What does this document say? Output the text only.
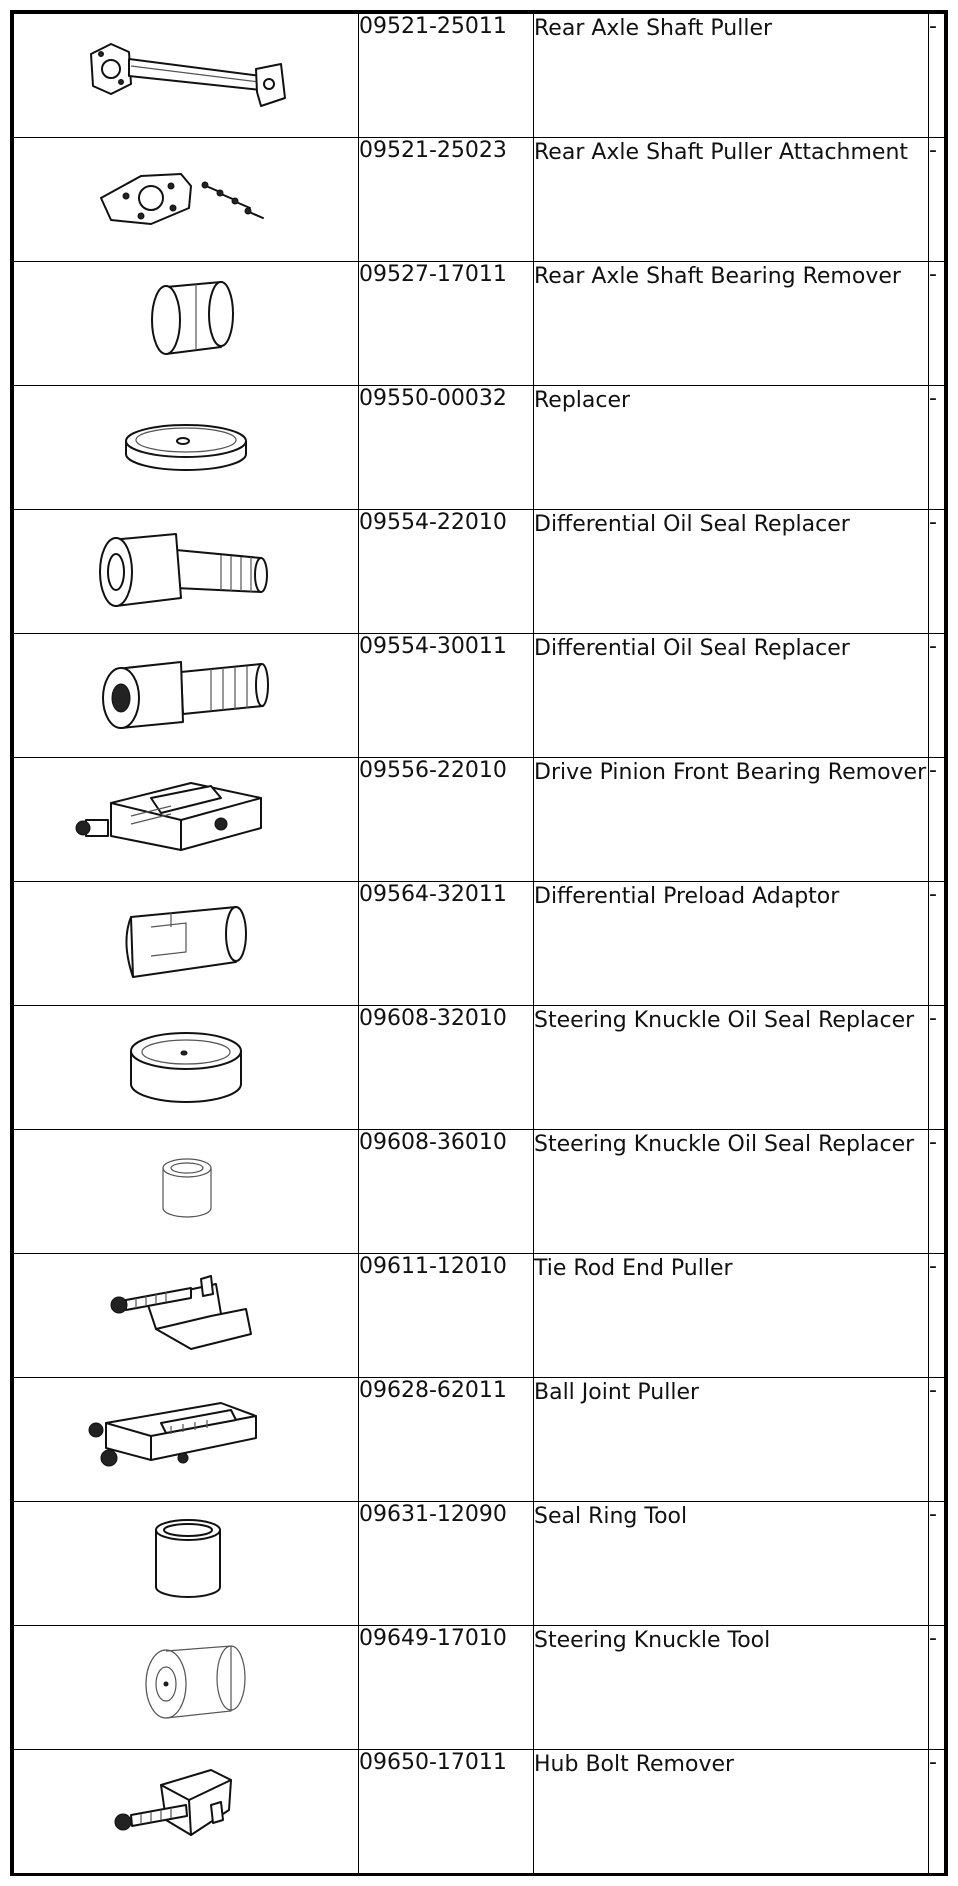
	09521-25011	Rear Axle Shaft Puller	-

	09521-25023	Rear Axle Shaft Puller Attachment	-

	09527-17011	Rear Axle Shaft Bearing Remover	-

	09550-00032	Replacer	-

	09554-22010	Differential Oil Seal Replacer	-

	09554-30011	Differential Oil Seal Replacer	-

	09556-22010	Drive Pinion Front Bearing Remover	-

	09564-32011	Differential Preload Adaptor	-

	09608-32010	Steering Knuckle Oil Seal Replacer	-

	09608-36010	Steering Knuckle Oil Seal Replacer	-

	09611-12010	Tie Rod End Puller	-

	09628-62011	Ball Joint Puller	-

	09631-12090	Seal Ring Tool	-

	09649-17010	Steering Knuckle Tool	-

	09650-17011	Hub Bolt Remover	-
